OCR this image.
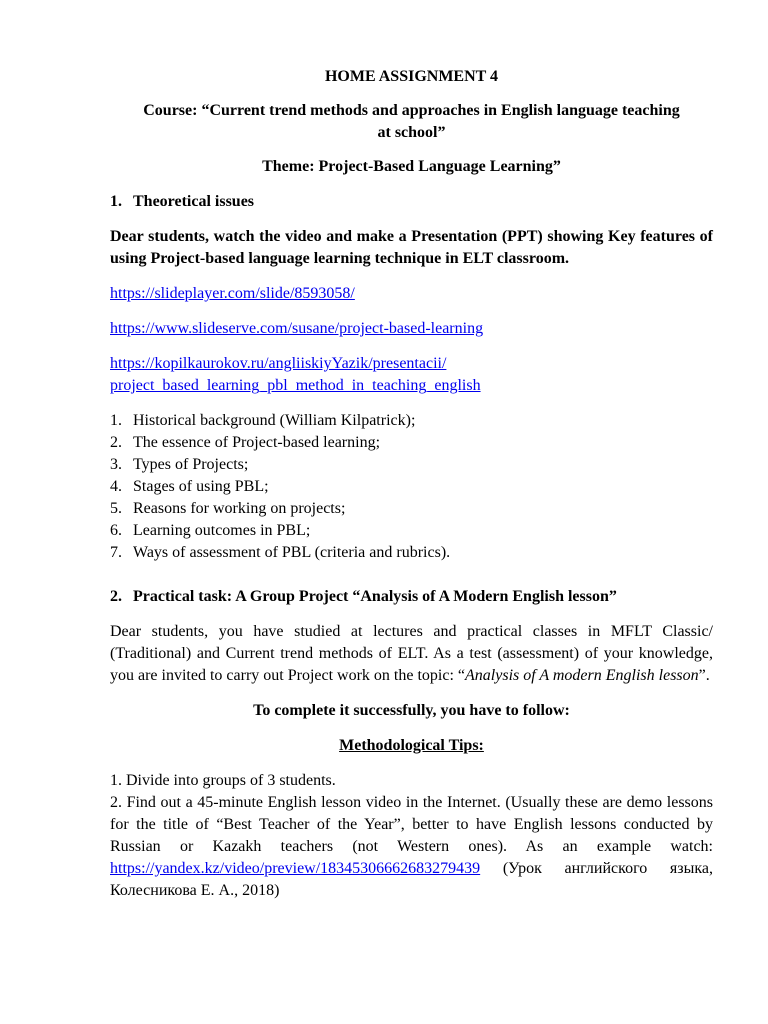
HOME ASSIGNMENT 4

Course: “Current trend methods and approaches in English language teaching at school”

Theme: Project-Based Language Learning”

1. Theoretical issues

Dear students, watch the video and make a Presentation (PPT) showing Key features of using Project-based language learning technique in ELT classroom.

https://slideplayer.com/slide/8593058/

https://www.slideserve.com/susane/project-based-learning

https://kopilkaurokov.ru/angliiskiyYazik/presentacii/
project_based_learning_pbl_method_in_teaching_english

1. Historical background (William Kilpatrick);
2. The essence of Project-based learning;
3. Types of Projects;
4. Stages of using PBL;
5. Reasons for working on projects;
6. Learning outcomes in PBL;
7. Ways of assessment of PBL (criteria and rubrics).
2. Practical task: A Group Project “Analysis of A Modern English lesson”

Dear students, you have studied at lectures and practical classes in MFLT Classic/ (Traditional) and Current trend methods of ELT. As a test (assessment) of your knowledge, you are invited to carry out Project work on the topic: “Analysis of A modern English lesson”.

To complete it successfully, you have to follow:

Methodological Tips:

1. Divide into groups of 3 students.

2. Find out a 45-minute English lesson video in the Internet. (Usually these are demo lessons for the title of “Best Teacher of the Year”, better to have English lessons conducted by Russian or Kazakh teachers (not Western ones). As an example watch: https://yandex.kz/video/preview/18345306662683279439 (Урок английского языка, Колесникова Е. А., 2018)
